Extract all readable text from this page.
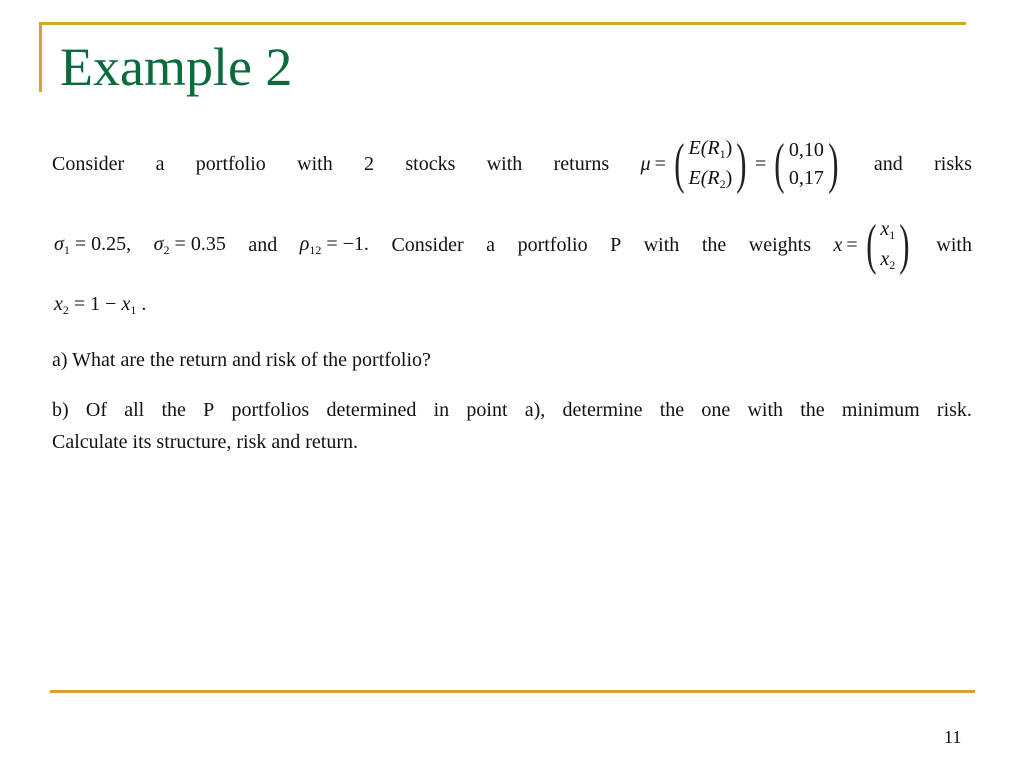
Example 2
Consider a portfolio with 2 stocks with returns μ = ( $E(R_1)$
$E(R_2)$ ) = ( 0,10
0,17 ) and risks
$\sigma_1 = 0.25$, $\sigma_2 = 0.35$ and $\rho_{12} = -1$. Consider a portfolio P with the weights x = ( $x_1$
$x_2$ ) with
$x_2 = 1 - x_1$ .
a) What are the return and risk of the portfolio?
b) Of all the P portfolios determined in point a), determine the one with the minimum risk.
Calculate its structure, risk and return.
11
